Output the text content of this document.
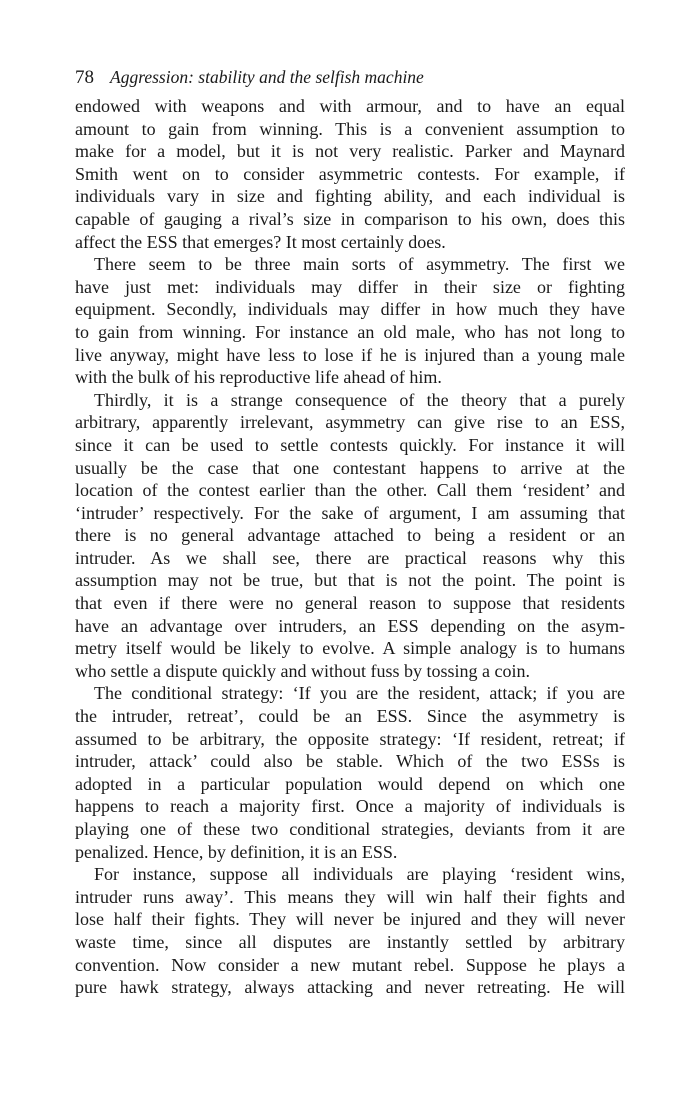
78 Aggression: stability and the selfish machine
endowed with weapons and with armour, and to have an equal
amount to gain from winning. This is a convenient assumption to
make for a model, but it is not very realistic. Parker and Maynard
Smith went on to consider asymmetric contests. For example, if
individuals vary in size and fighting ability, and each individual is
capable of gauging a rival’s size in comparison to his own, does this
affect the ESS that emerges? It most certainly does.
There seem to be three main sorts of asymmetry. The first we
have just met: individuals may differ in their size or fighting
equipment. Secondly, individuals may differ in how much they have
to gain from winning. For instance an old male, who has not long to
live anyway, might have less to lose if he is injured than a young male
with the bulk of his reproductive life ahead of him.
Thirdly, it is a strange consequence of the theory that a purely
arbitrary, apparently irrelevant, asymmetry can give rise to an ESS,
since it can be used to settle contests quickly. For instance it will
usually be the case that one contestant happens to arrive at the
location of the contest earlier than the other. Call them ‘resident’ and
‘intruder’ respectively. For the sake of argument, I am assuming that
there is no general advantage attached to being a resident or an
intruder. As we shall see, there are practical reasons why this
assumption may not be true, but that is not the point. The point is
that even if there were no general reason to suppose that residents
have an advantage over intruders, an ESS depending on the asym-
metry itself would be likely to evolve. A simple analogy is to humans
who settle a dispute quickly and without fuss by tossing a coin.
The conditional strategy: ‘If you are the resident, attack; if you are
the intruder, retreat’, could be an ESS. Since the asymmetry is
assumed to be arbitrary, the opposite strategy: ‘If resident, retreat; if
intruder, attack’ could also be stable. Which of the two ESSs is
adopted in a particular population would depend on which one
happens to reach a majority first. Once a majority of individuals is
playing one of these two conditional strategies, deviants from it are
penalized. Hence, by definition, it is an ESS.
For instance, suppose all individuals are playing ‘resident wins,
intruder runs away’. This means they will win half their fights and
lose half their fights. They will never be injured and they will never
waste time, since all disputes are instantly settled by arbitrary
convention. Now consider a new mutant rebel. Suppose he plays a
pure hawk strategy, always attacking and never retreating. He will
